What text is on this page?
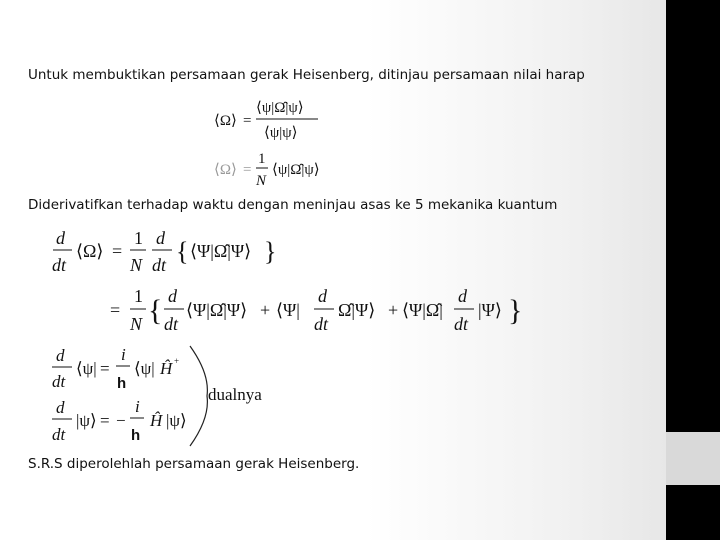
Untuk membuktikan persamaan gerak Heisenberg, ditinjau persamaan nilai harap
⟨Ω⟩ =
⟨ψ|Ω̂|ψ⟩
⟨ψ|ψ⟩
⟨Ω⟩ =
1
N
⟨ψ|Ω̂|ψ⟩
Diderivatifkan terhadap waktu dengan meninjau asas ke 5 mekanika kuantum
d
dt
⟨Ω⟩ =
1
N
d
dt { ⟨Ψ|Ω̂|Ψ⟩ }
=
1
N { d
dt
⟨Ψ|Ω̂|Ψ⟩ + ⟨Ψ|
d
dt
Ω̂|Ψ⟩ + ⟨Ψ|Ω̂|
d
dt
|Ψ⟩ }
d
dt
⟨ψ| =
i
h
⟨ψ| Ĥ +
d
dt
|ψ⟩ = −
i
h
Ĥ |ψ⟩
dualnya
S.R.S diperolehlah persamaan gerak Heisenberg.
